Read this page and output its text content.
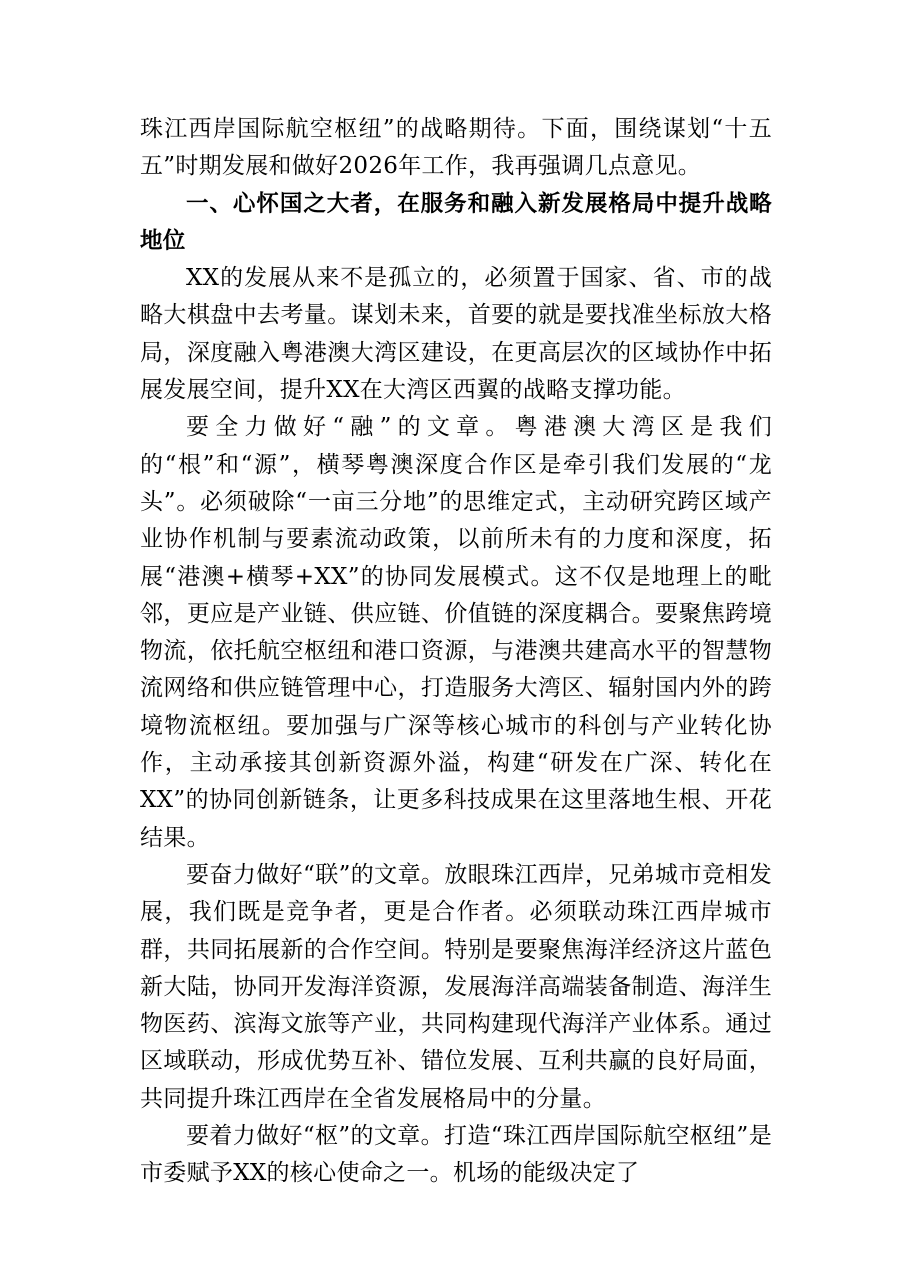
珠江西岸国际航空枢纽”的战略期待。下面，围绕谋划“十五五”时期发展和做好2026年工作，我再强调几点意见。

一、心怀国之大者，在服务和融入新发展格局中提升战略地位

XX的发展从来不是孤立的，必须置于国家、省、市的战略大棋盘中去考量。谋划未来，首要的就是要找准坐标放大格局，深度融入粤港澳大湾区建设，在更高层次的区域协作中拓展发展空间，提升XX在大湾区西翼的战略支撑功能。

要全力做好“融”的文章。粤港澳大湾区是我们的“根”和“源”，横琴粤澳深度合作区是牵引我们发展的“龙头”。必须破除“一亩三分地”的思维定式，主动研究跨区域产业协作机制与要素流动政策，以前所未有的力度和深度，拓展“港澳+横琴+XX”的协同发展模式。这不仅是地理上的毗邻，更应是产业链、供应链、价值链的深度耦合。要聚焦跨境物流，依托航空枢纽和港口资源，与港澳共建高水平的智慧物流网络和供应链管理中心，打造服务大湾区、辐射国内外的跨境物流枢纽。要加强与广深等核心城市的科创与产业转化协作，主动承接其创新资源外溢，构建“研发在广深、转化在XX”的协同创新链条，让更多科技成果在这里落地生根、开花结果。

要奋力做好“联”的文章。放眼珠江西岸，兄弟城市竞相发展，我们既是竞争者，更是合作者。必须联动珠江西岸城市群，共同拓展新的合作空间。特别是要聚焦海洋经济这片蓝色新大陆，协同开发海洋资源，发展海洋高端装备制造、海洋生物医药、滨海文旅等产业，共同构建现代海洋产业体系。通过区域联动，形成优势互补、错位发展、互利共赢的良好局面，共同提升珠江西岸在全省发展格局中的分量。

要着力做好“枢”的文章。打造“珠江西岸国际航空枢纽”是市委赋予XX的核心使命之一。机场的能级决定了
